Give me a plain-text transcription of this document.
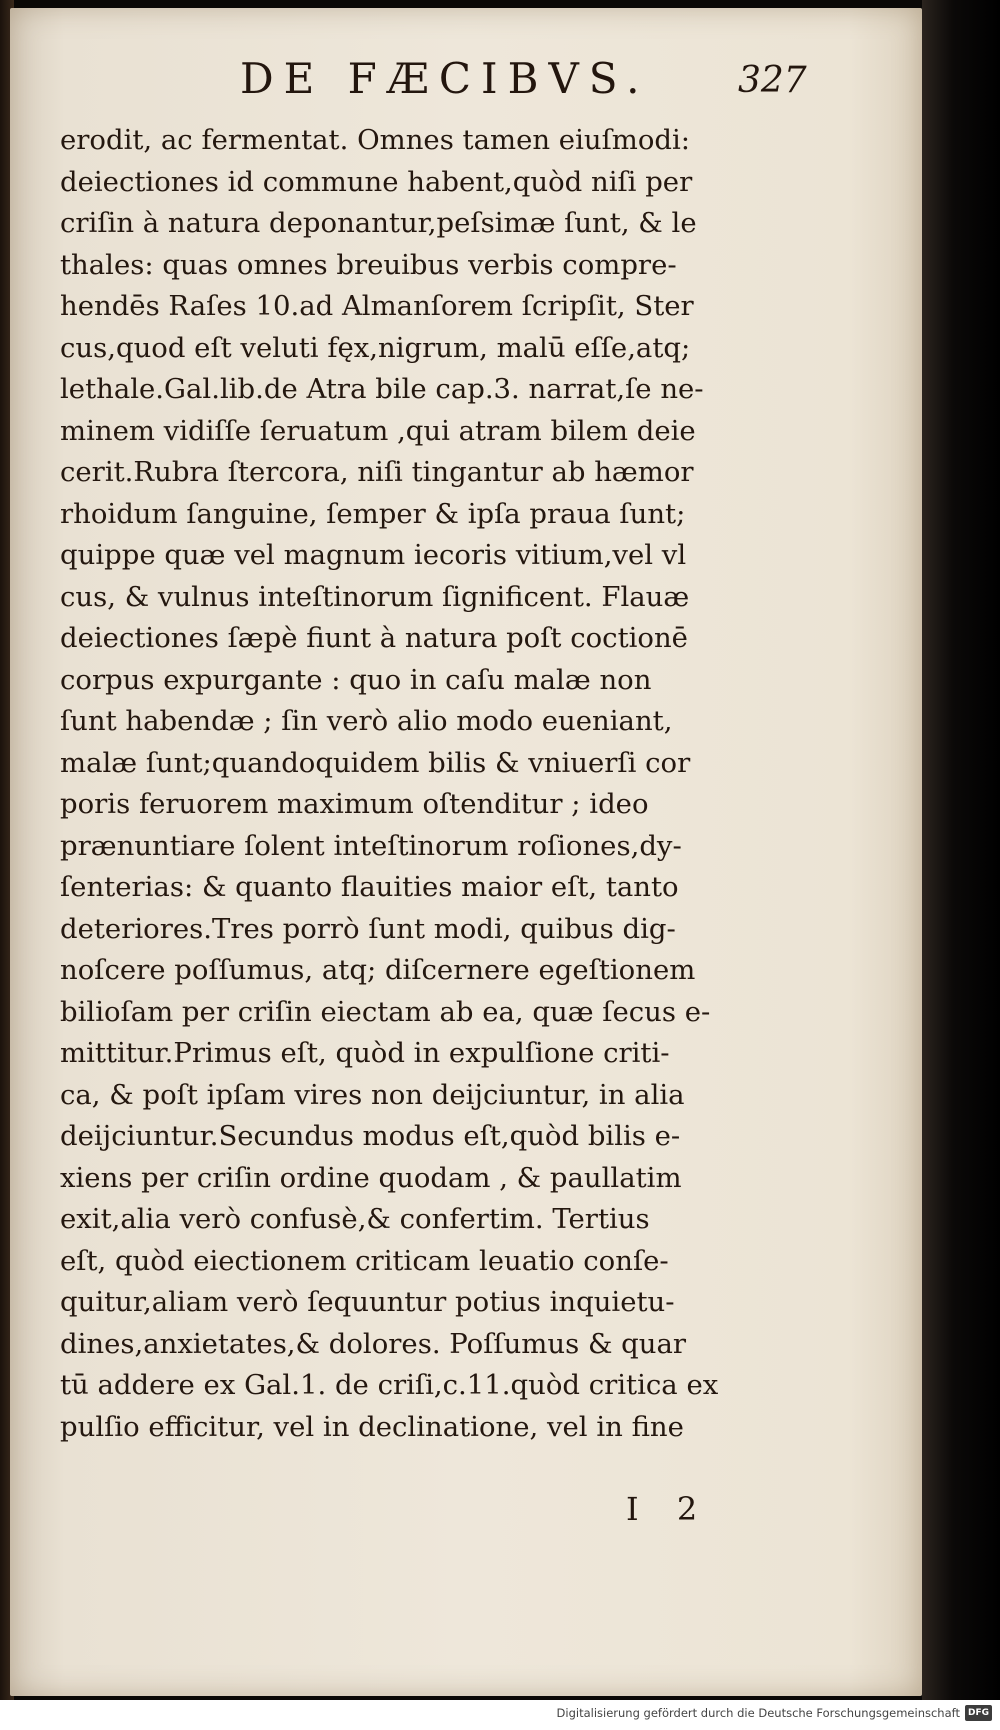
DE FÆCIBVS. 327
erodit, ac fermentat. Omnes tamen eiuſmodi:
deiectiones id commune habent,quòd niſi per
criſin à natura deponantur,peſsimæ ſunt, & le
thales: quas omnes breuibus verbis compre-
hendēs Raſes 10.ad Almanſorem ſcripſit, Ster
cus,quod eſt veluti fęx,nigrum, malū eſſe,atq;
lethale.Gal.lib.de Atra bile cap.3. narrat,ſe ne-
minem vidiſſe ſeruatum ,qui atram bilem deie
cerit.Rubra ſtercora, niſi tingantur ab hæmor
rhoidum ſanguine, ſemper & ipſa praua ſunt;
quippe quæ vel magnum iecoris vitium,vel vl
cus, & vulnus inteſtinorum ſignificent. Flauæ
deiectiones ſæpè fiunt à natura poſt coctionē
corpus expurgante : quo in caſu malæ non
ſunt habendæ ; ſin verò alio modo eueniant,
malæ ſunt;quandoquidem bilis & vniuerſi cor
poris feruorem maximum oſtenditur ; ideo
prænuntiare ſolent inteſtinorum roſiones,dy-
ſenterias: & quanto flauities maior eſt, tanto
deteriores.Tres porrò ſunt modi, quibus dig-
noſcere poſſumus, atq; diſcernere egeſtionem
bilioſam per criſin eiectam ab ea, quæ ſecus e-
mittitur.Primus eſt, quòd in expulſione criti-
ca, & poſt ipſam vires non deijciuntur, in alia
deijciuntur.Secundus modus eſt,quòd bilis e-
xiens per criſin ordine quodam , & paullatim
exit,alia verò confusè,& confertim. Tertius
eſt, quòd eiectionem criticam leuatio conſe-
quitur,aliam verò ſequuntur potius inquietu-
dines,anxietates,& dolores. Poſſumus & quar
tū addere ex Gal.1. de criſi,c.11.quòd critica ex
pulſio efficitur, vel in declinatione, vel in fine
I 2
Digitalisierung gefördert durch die Deutsche Forschungsgemeinschaft DFG
